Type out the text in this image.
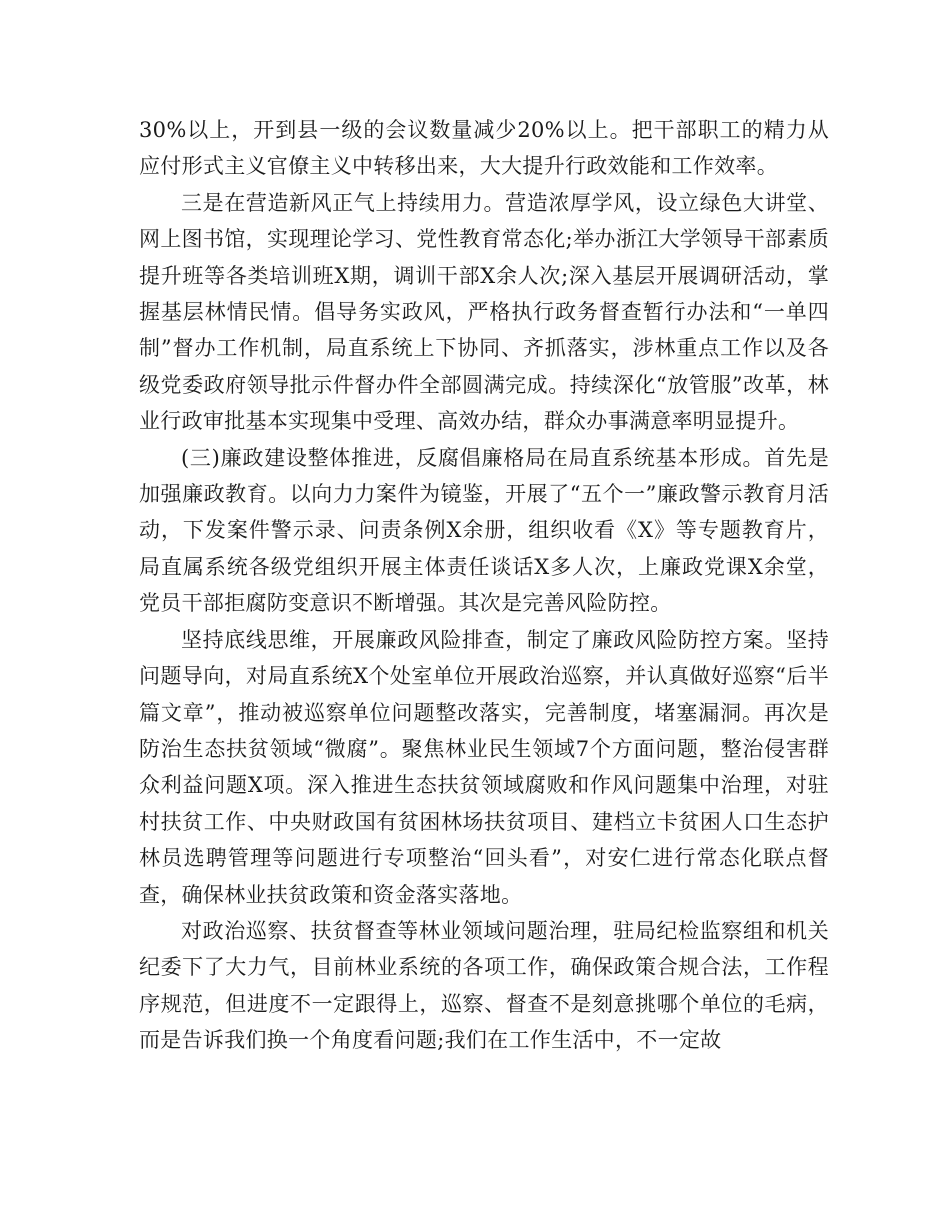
30%以上，开到县一级的会议数量减少20%以上。把干部职工的精力从应付形式主义官僚主义中转移出来，大大提升行政效能和工作效率。

三是在营造新风正气上持续用力。营造浓厚学风，设立绿色大讲堂、网上图书馆，实现理论学习、党性教育常态化;举办浙江大学领导干部素质提升班等各类培训班X期，调训干部X余人次;深入基层开展调研活动，掌握基层林情民情。倡导务实政风，严格执行政务督查暂行办法和“一单四制”督办工作机制，局直系统上下协同、齐抓落实，涉林重点工作以及各级党委政府领导批示件督办件全部圆满完成。持续深化“放管服”改革，林业行政审批基本实现集中受理、高效办结，群众办事满意率明显提升。

(三)廉政建设整体推进，反腐倡廉格局在局直系统基本形成。首先是加强廉政教育。以向力力案件为镜鉴，开展了“五个一”廉政警示教育月活动，下发案件警示录、问责条例X余册，组织收看《X》等专题教育片，局直属系统各级党组织开展主体责任谈话X多人次，上廉政党课X余堂，党员干部拒腐防变意识不断增强。其次是完善风险防控。

坚持底线思维，开展廉政风险排查，制定了廉政风险防控方案。坚持问题导向，对局直系统X个处室单位开展政治巡察，并认真做好巡察“后半篇文章”，推动被巡察单位问题整改落实，完善制度，堵塞漏洞。再次是防治生态扶贫领域“微腐”。聚焦林业民生领域7个方面问题，整治侵害群众利益问题X项。深入推进生态扶贫领域腐败和作风问题集中治理，对驻村扶贫工作、中央财政国有贫困林场扶贫项目、建档立卡贫困人口生态护林员选聘管理等问题进行专项整治“回头看”，对安仁进行常态化联点督查，确保林业扶贫政策和资金落实落地。

对政治巡察、扶贫督查等林业领域问题治理，驻局纪检监察组和机关纪委下了大力气，目前林业系统的各项工作，确保政策合规合法，工作程序规范，但进度不一定跟得上，巡察、督查不是刻意挑哪个单位的毛病，而是告诉我们换一个角度看问题;我们在工作生活中，不一定故
